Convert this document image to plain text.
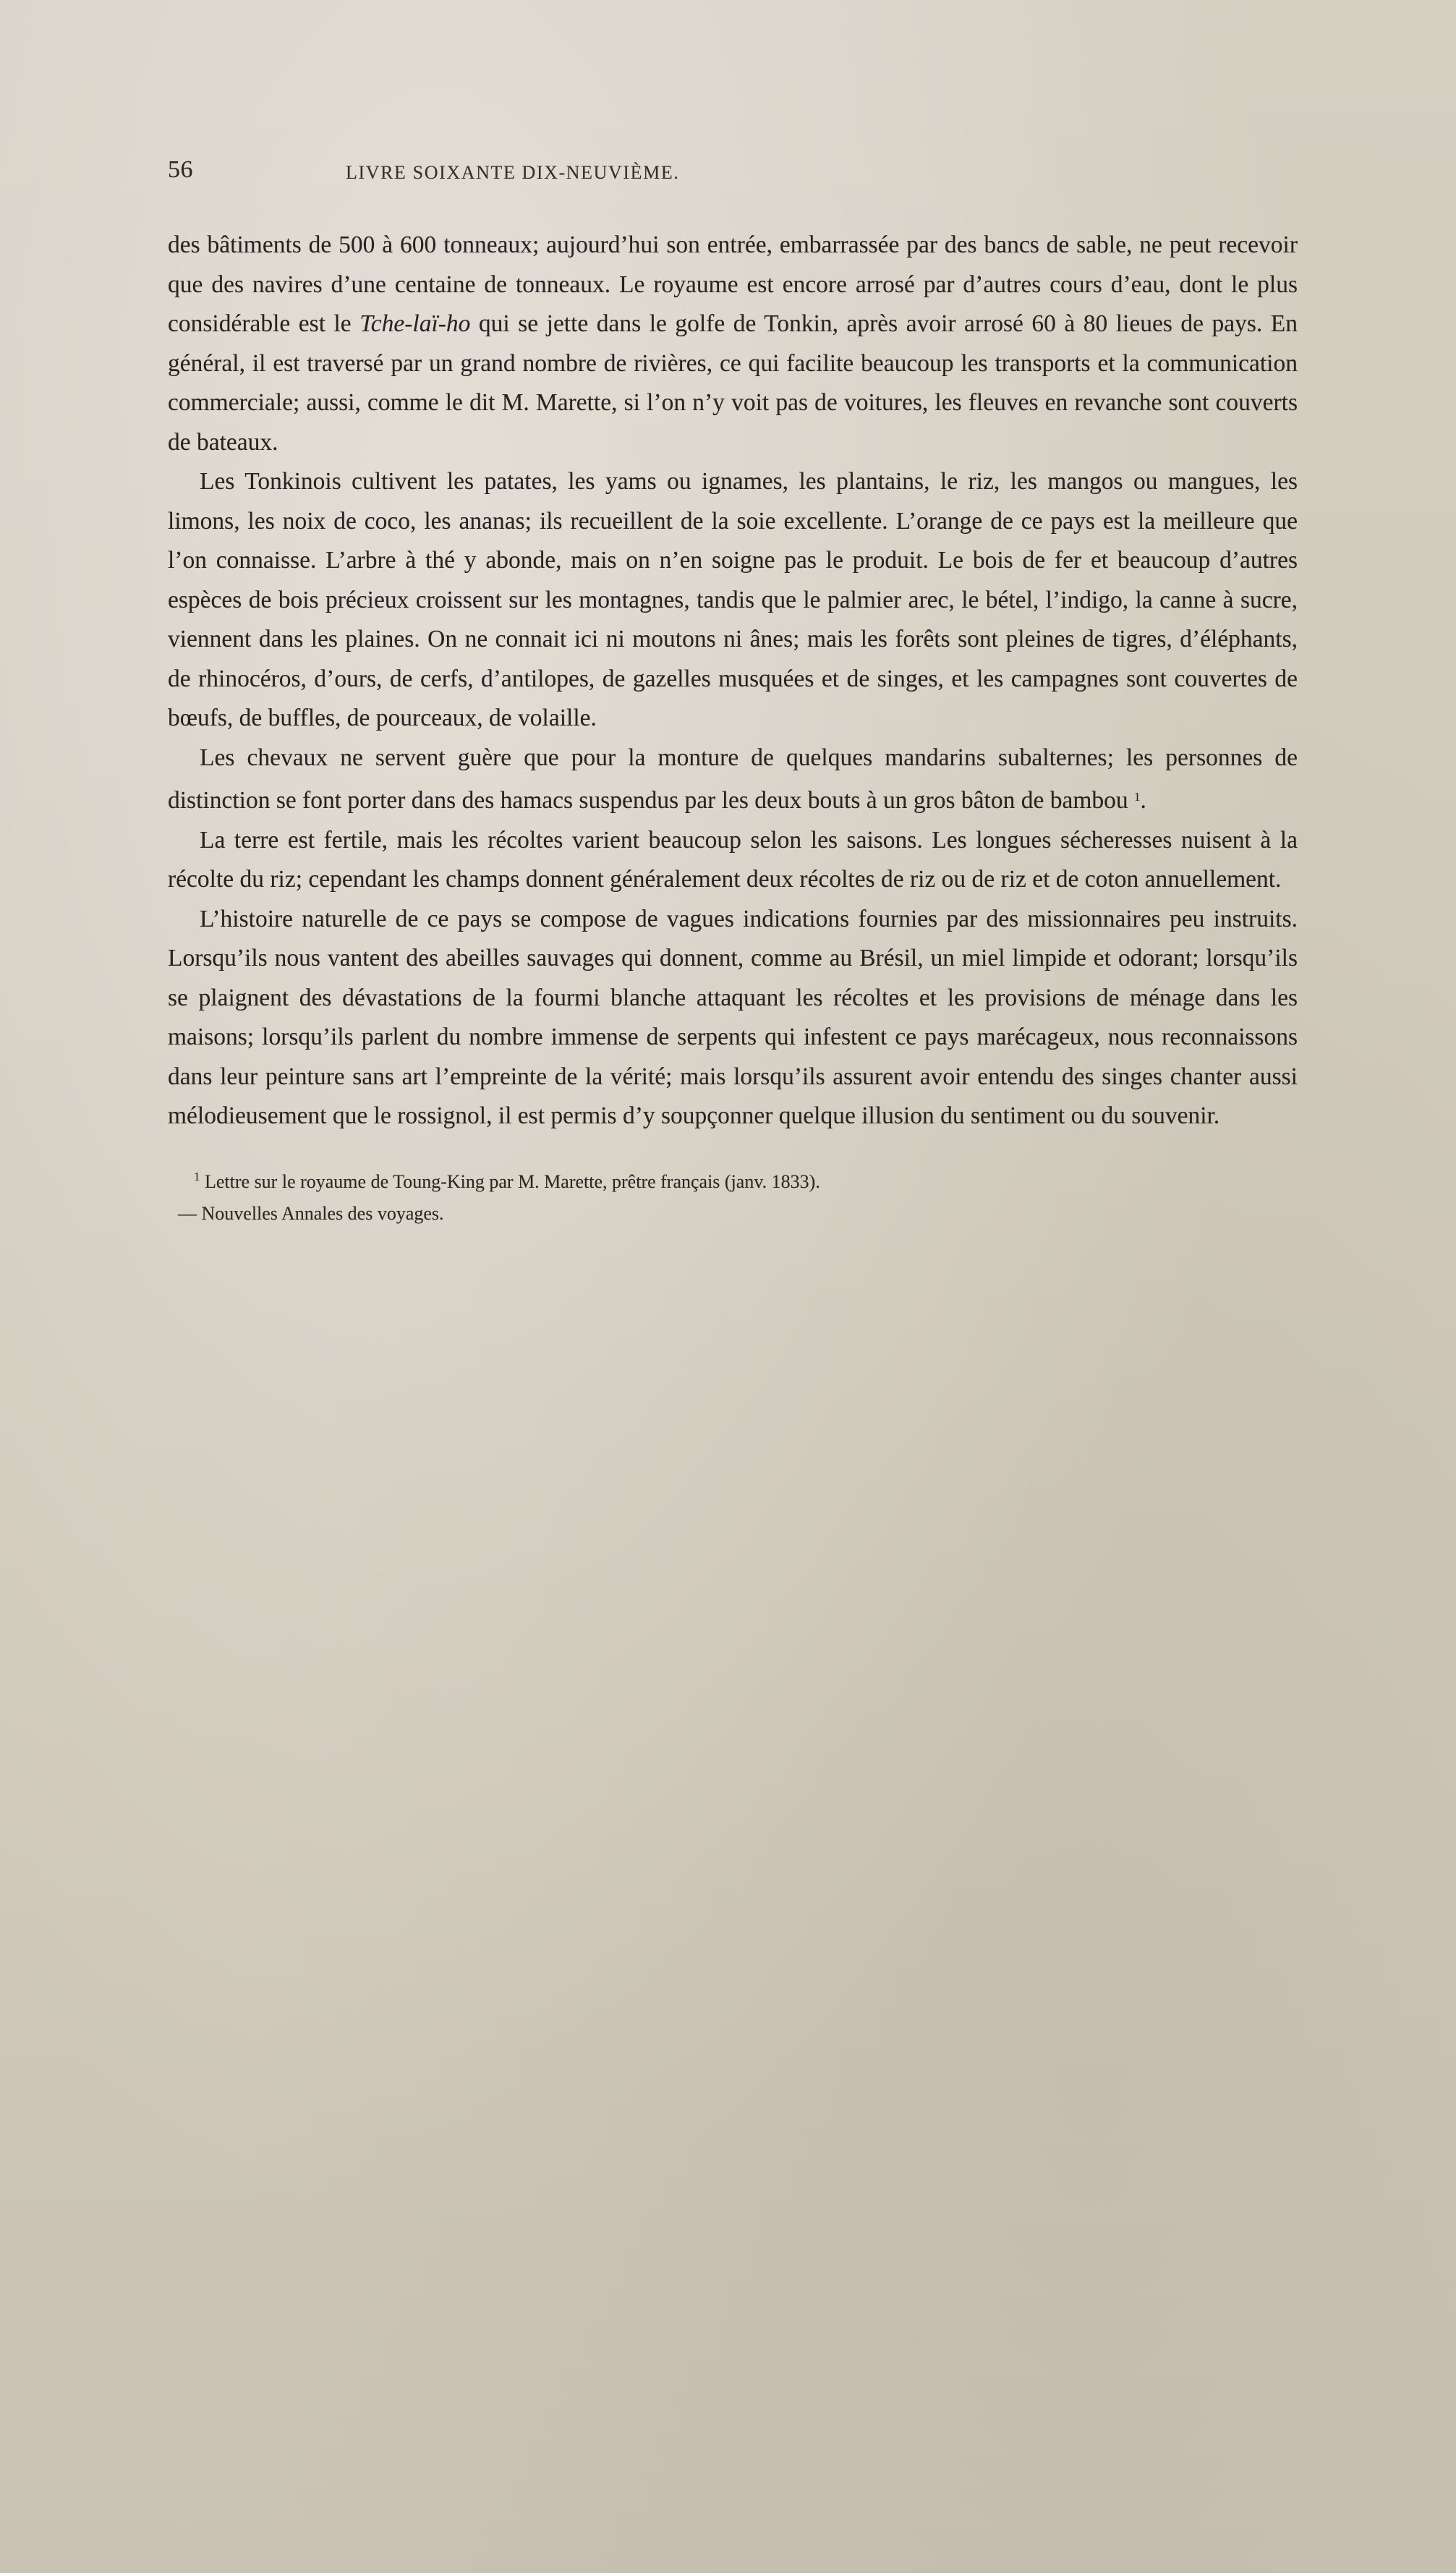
56	LIVRE SOIXANTE DIX-NEUVIÈME.

des bâtiments de 500 à 600 tonneaux; aujourd’hui son entrée, embarrassée par des bancs de sable, ne peut recevoir que des navires d’une centaine de tonneaux. Le royaume est encore arrosé par d’autres cours d’eau, dont le plus considérable est le Tche-laï-ho qui se jette dans le golfe de Tonkin, après avoir arrosé 60 à 80 lieues de pays. En général, il est traversé par un grand nombre de rivières, ce qui facilite beaucoup les transports et la communication commerciale; aussi, comme le dit M. Marette, si l’on n’y voit pas de voitures, les fleuves en revanche sont couverts de bateaux.

Les Tonkinois cultivent les patates, les yams ou ignames, les plantains, le riz, les mangos ou mangues, les limons, les noix de coco, les ananas; ils recueillent de la soie excellente. L’orange de ce pays est la meilleure que l’on connaisse. L’arbre à thé y abonde, mais on n’en soigne pas le produit. Le bois de fer et beaucoup d’autres espèces de bois précieux croissent sur les montagnes, tandis que le palmier arec, le bétel, l’indigo, la canne à sucre, viennent dans les plaines. On ne connait ici ni moutons ni ânes; mais les forêts sont pleines de tigres, d’éléphants, de rhinocéros, d’ours, de cerfs, d’antilopes, de gazelles musquées et de singes, et les campagnes sont couvertes de bœufs, de buffles, de pourceaux, de volaille.

Les chevaux ne servent guère que pour la monture de quelques mandarins subalternes; les personnes de distinction se font porter dans des hamacs suspendus par les deux bouts à un gros bâton de bambou $^1$.

La terre est fertile, mais les récoltes varient beaucoup selon les saisons. Les longues sécheresses nuisent à la récolte du riz; cependant les champs donnent généralement deux récoltes de riz ou de riz et de coton annuellement.

L’histoire naturelle de ce pays se compose de vagues indications fournies par des missionnaires peu instruits. Lorsqu’ils nous vantent des abeilles sauvages qui donnent, comme au Brésil, un miel limpide et odorant; lorsqu’ils se plaignent des dévastations de la fourmi blanche attaquant les récoltes et les provisions de ménage dans les maisons; lorsqu’ils parlent du nombre immense de serpents qui infestent ce pays marécageux, nous reconnaissons dans leur peinture sans art l’empreinte de la vérité; mais lorsqu’ils assurent avoir entendu des singes chanter aussi mélodieusement que le rossignol, il est permis d’y soupçonner quelque illusion du sentiment ou du souvenir.

$^1$ Lettre sur le royaume de Toung-King par M. Marette, prêtre français (janv. 1833).
— Nouvelles Annales des voyages.
